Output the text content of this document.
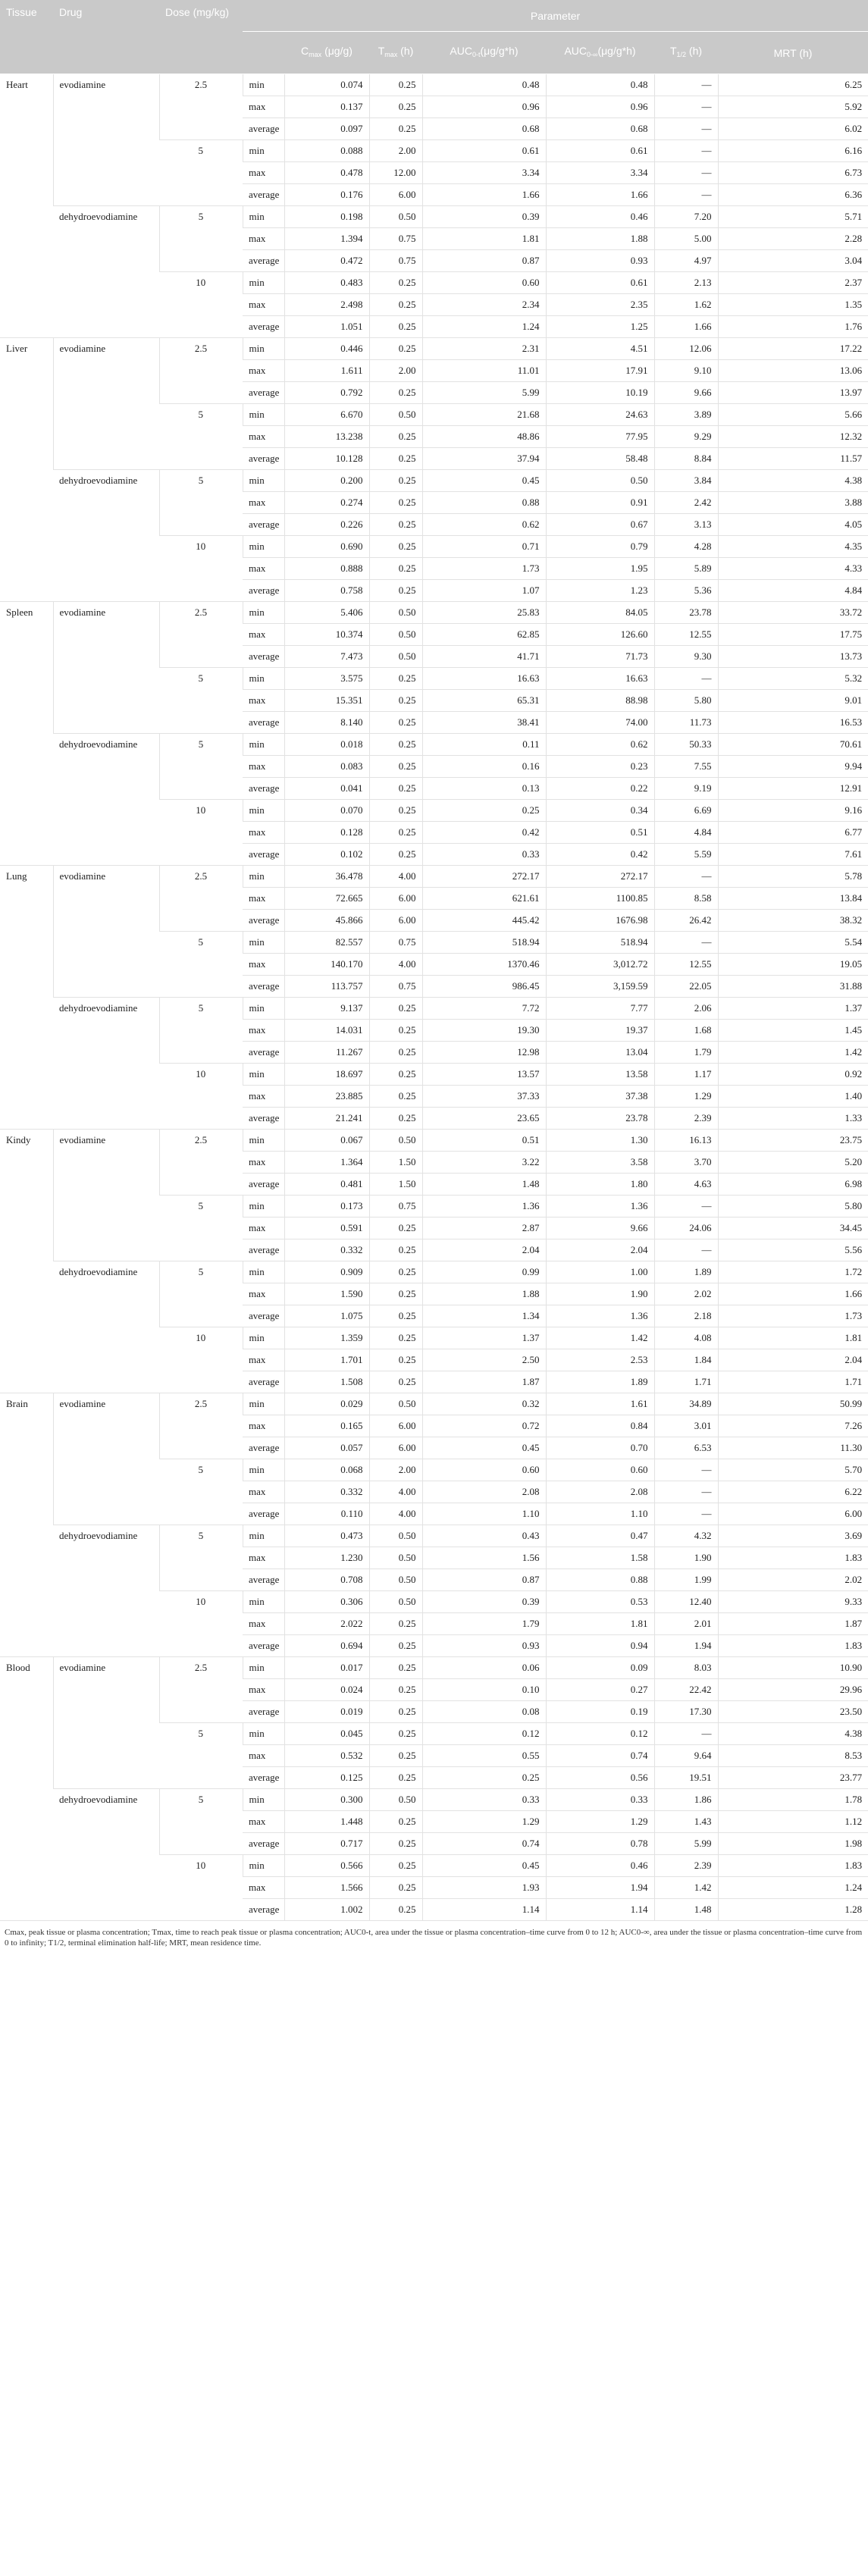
Tissue	Drug	Dose (mg/kg)	Parameter						
				$C_{max}$ (μg/g)	$T_{max}$ (h)	$AUC_{0-t}(\mu g/g*h)$	$AUC_{0-\infty}(\mu g/g*h)$	$T_{1/2}$ (h)	MRT (h)
Heart	evodiamine	2.5	min	0.074	0.25	0.48	0.48	—	6.25
			max	0.137	0.25	0.96	0.96	—	5.92
			average	0.097	0.25	0.68	0.68	—	6.02
		5	min	0.088	2.00	0.61	0.61	—	6.16
			max	0.478	12.00	3.34	3.34	—	6.73
			average	0.176	6.00	1.66	1.66	—	6.36
	dehydroevodiamine	5	min	0.198	0.50	0.39	0.46	7.20	5.71
			max	1.394	0.75	1.81	1.88	5.00	2.28
			average	0.472	0.75	0.87	0.93	4.97	3.04
		10	min	0.483	0.25	0.60	0.61	2.13	2.37
			max	2.498	0.25	2.34	2.35	1.62	1.35
			average	1.051	0.25	1.24	1.25	1.66	1.76
Liver	evodiamine	2.5	min	0.446	0.25	2.31	4.51	12.06	17.22
			max	1.611	2.00	11.01	17.91	9.10	13.06
			average	0.792	0.25	5.99	10.19	9.66	13.97
		5	min	6.670	0.50	21.68	24.63	3.89	5.66
			max	13.238	0.25	48.86	77.95	9.29	12.32
			average	10.128	0.25	37.94	58.48	8.84	11.57
	dehydroevodiamine	5	min	0.200	0.25	0.45	0.50	3.84	4.38
			max	0.274	0.25	0.88	0.91	2.42	3.88
			average	0.226	0.25	0.62	0.67	3.13	4.05
		10	min	0.690	0.25	0.71	0.79	4.28	4.35
			max	0.888	0.25	1.73	1.95	5.89	4.33
			average	0.758	0.25	1.07	1.23	5.36	4.84
Spleen	evodiamine	2.5	min	5.406	0.50	25.83	84.05	23.78	33.72
			max	10.374	0.50	62.85	126.60	12.55	17.75
			average	7.473	0.50	41.71	71.73	9.30	13.73
		5	min	3.575	0.25	16.63	16.63	—	5.32
			max	15.351	0.25	65.31	88.98	5.80	9.01
			average	8.140	0.25	38.41	74.00	11.73	16.53
	dehydroevodiamine	5	min	0.018	0.25	0.11	0.62	50.33	70.61
			max	0.083	0.25	0.16	0.23	7.55	9.94
			average	0.041	0.25	0.13	0.22	9.19	12.91
		10	min	0.070	0.25	0.25	0.34	6.69	9.16
			max	0.128	0.25	0.42	0.51	4.84	6.77
			average	0.102	0.25	0.33	0.42	5.59	7.61
Lung	evodiamine	2.5	min	36.478	4.00	272.17	272.17	—	5.78
			max	72.665	6.00	621.61	1100.85	8.58	13.84
			average	45.866	6.00	445.42	1676.98	26.42	38.32
		5	min	82.557	0.75	518.94	518.94	—	5.54
			max	140.170	4.00	1370.46	3,012.72	12.55	19.05
			average	113.757	0.75	986.45	3,159.59	22.05	31.88
	dehydroevodiamine	5	min	9.137	0.25	7.72	7.77	2.06	1.37
			max	14.031	0.25	19.30	19.37	1.68	1.45
			average	11.267	0.25	12.98	13.04	1.79	1.42
		10	min	18.697	0.25	13.57	13.58	1.17	0.92
			max	23.885	0.25	37.33	37.38	1.29	1.40
			average	21.241	0.25	23.65	23.78	2.39	1.33
Kindy	evodiamine	2.5	min	0.067	0.50	0.51	1.30	16.13	23.75
			max	1.364	1.50	3.22	3.58	3.70	5.20
			average	0.481	1.50	1.48	1.80	4.63	6.98
		5	min	0.173	0.75	1.36	1.36	—	5.80
			max	0.591	0.25	2.87	9.66	24.06	34.45
			average	0.332	0.25	2.04	2.04	—	5.56
	dehydroevodiamine	5	min	0.909	0.25	0.99	1.00	1.89	1.72
			max	1.590	0.25	1.88	1.90	2.02	1.66
			average	1.075	0.25	1.34	1.36	2.18	1.73
		10	min	1.359	0.25	1.37	1.42	4.08	1.81
			max	1.701	0.25	2.50	2.53	1.84	2.04
			average	1.508	0.25	1.87	1.89	1.71	1.71
Brain	evodiamine	2.5	min	0.029	0.50	0.32	1.61	34.89	50.99
			max	0.165	6.00	0.72	0.84	3.01	7.26
			average	0.057	6.00	0.45	0.70	6.53	11.30
		5	min	0.068	2.00	0.60	0.60	—	5.70
			max	0.332	4.00	2.08	2.08	—	6.22
			average	0.110	4.00	1.10	1.10	—	6.00
	dehydroevodiamine	5	min	0.473	0.50	0.43	0.47	4.32	3.69
			max	1.230	0.50	1.56	1.58	1.90	1.83
			average	0.708	0.50	0.87	0.88	1.99	2.02
		10	min	0.306	0.50	0.39	0.53	12.40	9.33
			max	2.022	0.25	1.79	1.81	2.01	1.87
			average	0.694	0.25	0.93	0.94	1.94	1.83
Blood	evodiamine	2.5	min	0.017	0.25	0.06	0.09	8.03	10.90
			max	0.024	0.25	0.10	0.27	22.42	29.96
			average	0.019	0.25	0.08	0.19	17.30	23.50
		5	min	0.045	0.25	0.12	0.12	—	4.38
			max	0.532	0.25	0.55	0.74	9.64	8.53
			average	0.125	0.25	0.25	0.56	19.51	23.77
	dehydroevodiamine	5	min	0.300	0.50	0.33	0.33	1.86	1.78
			max	1.448	0.25	1.29	1.29	1.43	1.12
			average	0.717	0.25	0.74	0.78	5.99	1.98
		10	min	0.566	0.25	0.45	0.46	2.39	1.83
			max	1.566	0.25	1.93	1.94	1.42	1.24
			average	1.002	0.25	1.14	1.14	1.48	1.28
Cmax, peak tissue or plasma concentration; Tmax, time to reach peak tissue or plasma concentration; AUC0-t, area under the tissue or plasma concentration–time curve from 0 to 12 h; AUC0-∞, area under the tissue or plasma concentration–time curve from 0 to infinity; T1/2, terminal elimination half-life; MRT, mean residence time.
